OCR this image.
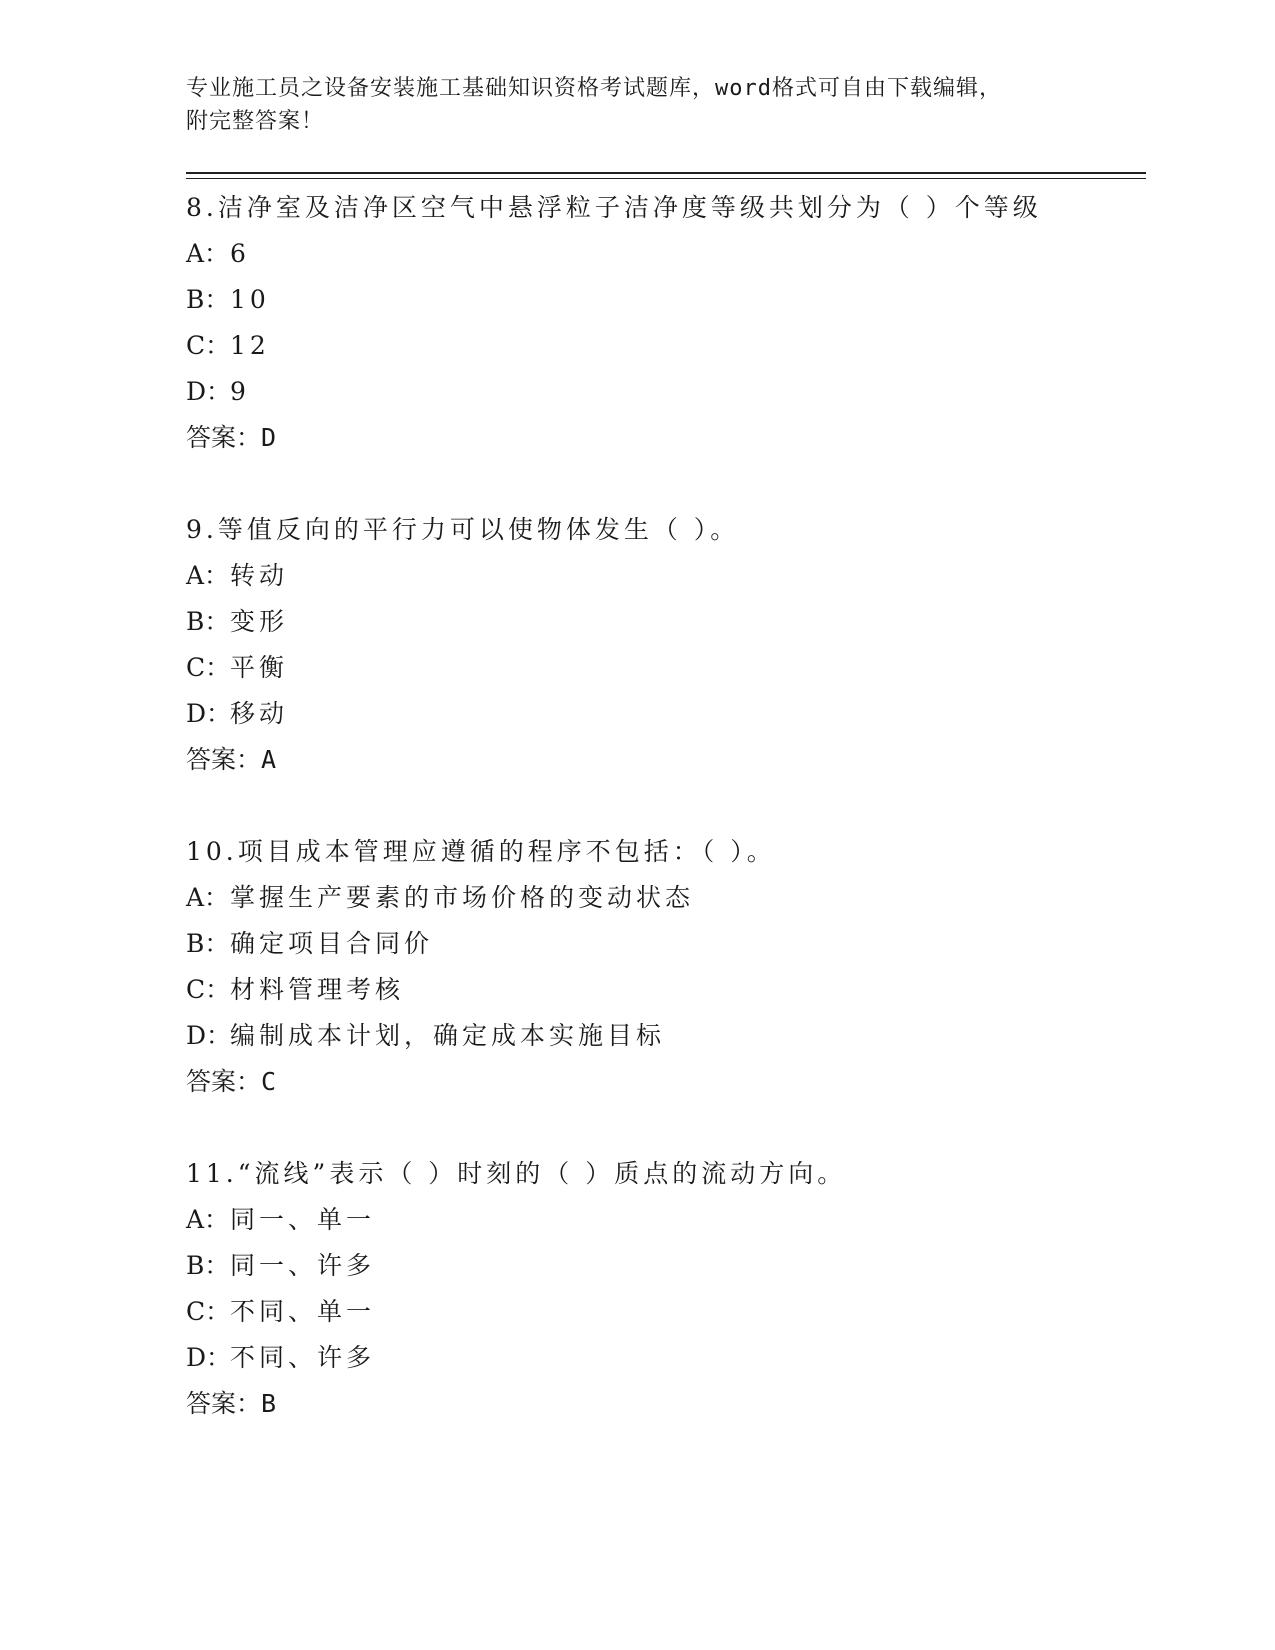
专业施工员之设备安装施工基础知识资格考试题库，word格式可自由下载编辑，
附完整答案！
8.洁净室及洁净区空气中悬浮粒子洁净度等级共划分为（ ）个等级
A：6
B：10
C：12
D：9
答案：D
9.等值反向的平行力可以使物体发生（ ）。
A：转动
B：变形
C：平衡
D：移动
答案：A
10.项目成本管理应遵循的程序不包括：（ ）。
A：掌握生产要素的市场价格的变动状态
B：确定项目合同价
C：材料管理考核
D：编制成本计划，确定成本实施目标
答案：C
11.“流线”表示（ ）时刻的（ ）质点的流动方向。
A：同一、单一
B：同一、许多
C：不同、单一
D：不同、许多
答案：B
